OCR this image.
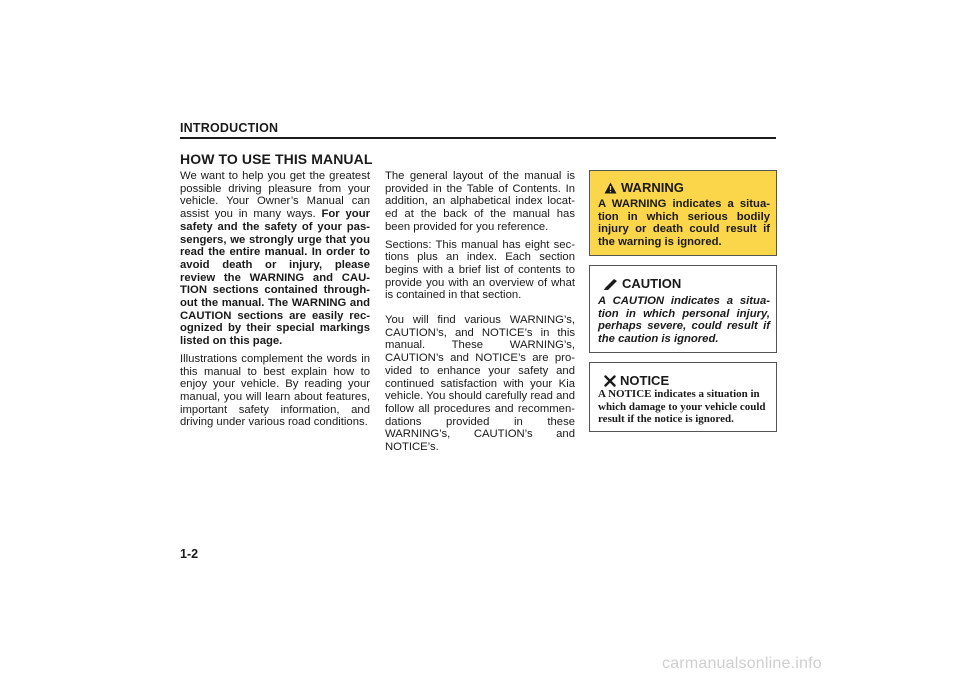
INTRODUCTION
HOW TO USE THIS MANUAL

We want to help you get the greatest possible driving pleasure from your vehicle. Your Owner’s Manual can assist you in many ways. For your safety and the safety of your pas-sengers, we strongly urge that you read the entire manual. In order to avoid death or injury, please review the WARNING and CAU-TION sections contained through-out the manual. The WARNING and CAUTION sections are easily rec-ognized by their special markings listed on this page.

Illustrations complement the words in this manual to best explain how to enjoy your vehicle. By reading your manual, you will learn about features, important safety information, and driving under various road conditions.

The general layout of the manual is provided in the Table of Contents. In addition, an alphabetical index locat-ed at the back of the manual has been provided for you reference.

Sections: This manual has eight sec-tions plus an index. Each section begins with a brief list of contents to provide you with an overview of what is contained in that section.

You will find various WARNING’s, CAUTION’s, and NOTICE’s in this manual. These WARNING’s, CAUTION’s and NOTICE’s are pro-vided to enhance your safety and continued satisfaction with your Kia vehicle. You should carefully read and follow all procedures and recommen-dations provided in these WARNING’s, CAUTION’s and NOTICE’s.

WARNING
A WARNING indicates a situa-tion in which serious bodily injury or death could result if the warning is ignored.
CAUTION
A CAUTION indicates a situa-tion in which personal injury, perhaps severe, could result if the caution is ignored.
NOTICE
A NOTICE indicates a situation in which damage to your vehicle could result if the notice is ignored.
1-2
carmanualsonline.info
